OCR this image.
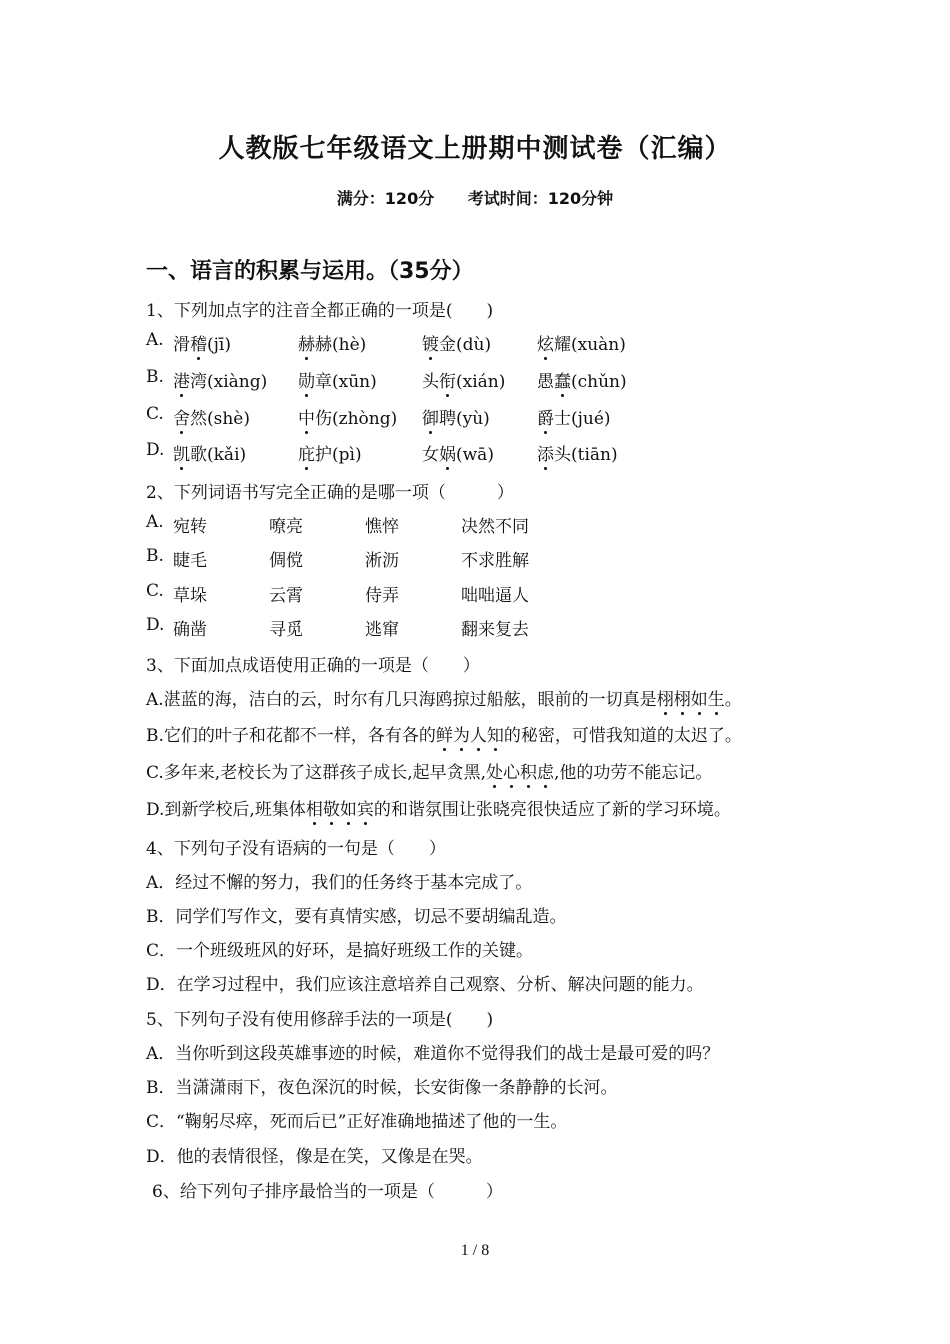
人教版七年级语文上册期中测试卷（汇编）
满分：120分 考试时间：120分钟
一、语言的积累与运用。（35分）
1、下列加点字的注音全都正确的一项是(　　)
A. 滑稽(jī)	赫赫(hè)	镀金(dù)	炫耀(xuàn)
B. 港湾(xiàng) 勋章(xūn)	头衔(xián) 愚蠢(chǔn)
C. 舍然(shè)	中伤(zhòng) 御聘(yù)	爵士(jué)
D. 凯歌(kǎi)	庇护(pì)	女娲(wā)	添头(tiān)
2、下列词语书写完全正确的是哪一项（　　　）
A. 宛转	嘹亮	憔悴	决然不同
B. 睫毛	倜傥	淅沥	不求胜解
C. 草垛	云霄	侍弄	咄咄逼人
D. 确凿	寻觅	逃窜	翻来复去
3、下面加点成语使用正确的一项是（　　）
A.湛蓝的海，洁白的云，时尔有几只海鸥掠过船舷，眼前的一切真是栩栩如生。
B.它们的叶子和花都不一样，各有各的鲜为人知的秘密，可惜我知道的太迟了。
C.多年来,老校长为了这群孩子成长,起早贪黑,处心积虑,他的功劳不能忘记。
D.到新学校后,班集体相敬如宾的和谐氛围让张晓亮很快适应了新的学习环境。
4、下列句子没有语病的一句是（　　）
A．经过不懈的努力，我们的任务终于基本完成了。
B．同学们写作文，要有真情实感，切忌不要胡编乱造。
C．一个班级班风的好环，是搞好班级工作的关键。
D．在学习过程中，我们应该注意培养自己观察、分析、解决问题的能力。
5、下列句子没有使用修辞手法的一项是(　　)
A．当你听到这段英雄事迹的时候，难道你不觉得我们的战士是最可爱的吗？
B．当潇潇雨下，夜色深沉的时候，长安街像一条静静的长河。
C．“鞠躬尽瘁，死而后已”正好准确地描述了他的一生。
D．他的表情很怪，像是在笑，又像是在哭。
6、给下列句子排序最恰当的一项是（　　　）
1 / 8
